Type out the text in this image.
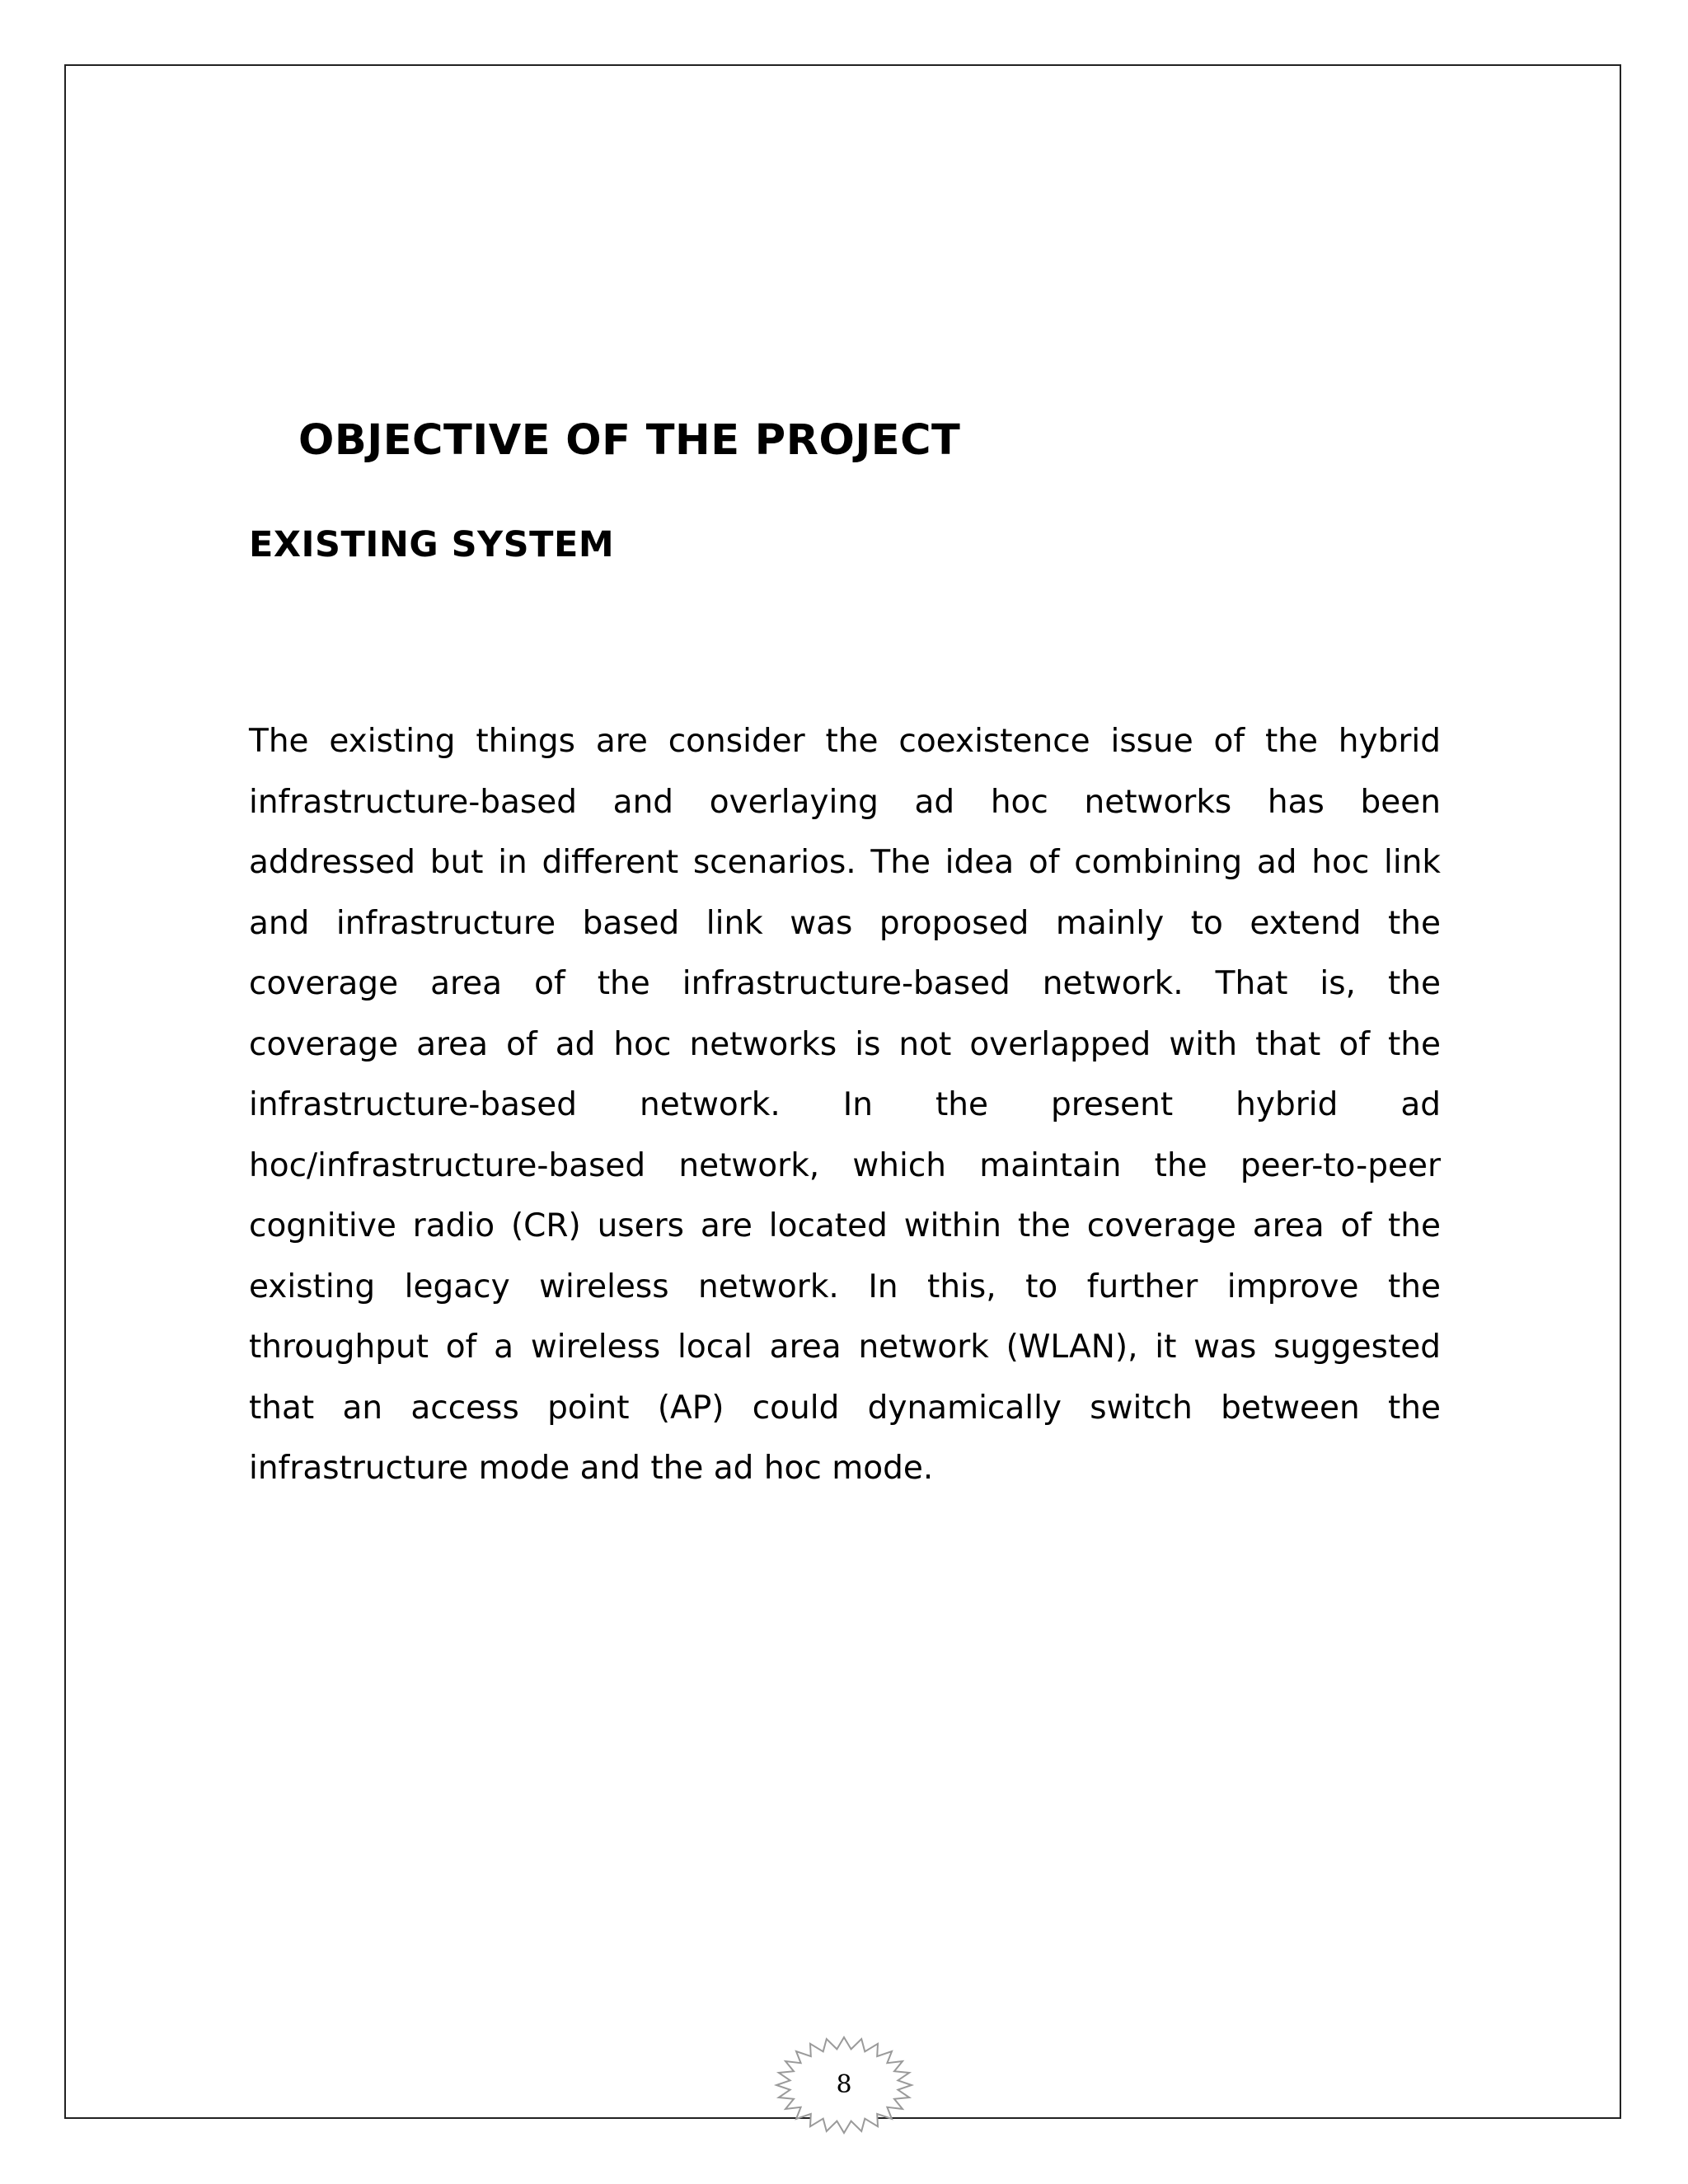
OBJECTIVE OF THE PROJECT
EXISTING SYSTEM
The existing things are consider the coexistence issue of the hybrid
infrastructure-based and overlaying ad hoc networks has been
addressed but in different scenarios. The idea of combining ad hoc link
and infrastructure based link was proposed mainly to extend the
coverage area of the infrastructure-based network. That is, the
coverage area of ad hoc networks is not overlapped with that of the
infrastructure-based network. In the present hybrid ad
hoc/infrastructure-based network, which maintain the peer-to-peer
cognitive radio (CR) users are located within the coverage area of the
existing legacy wireless network. In this, to further improve the
throughput of a wireless local area network (WLAN), it was suggested
that an access point (AP) could dynamically switch between the
infrastructure mode and the ad hoc mode.
8
